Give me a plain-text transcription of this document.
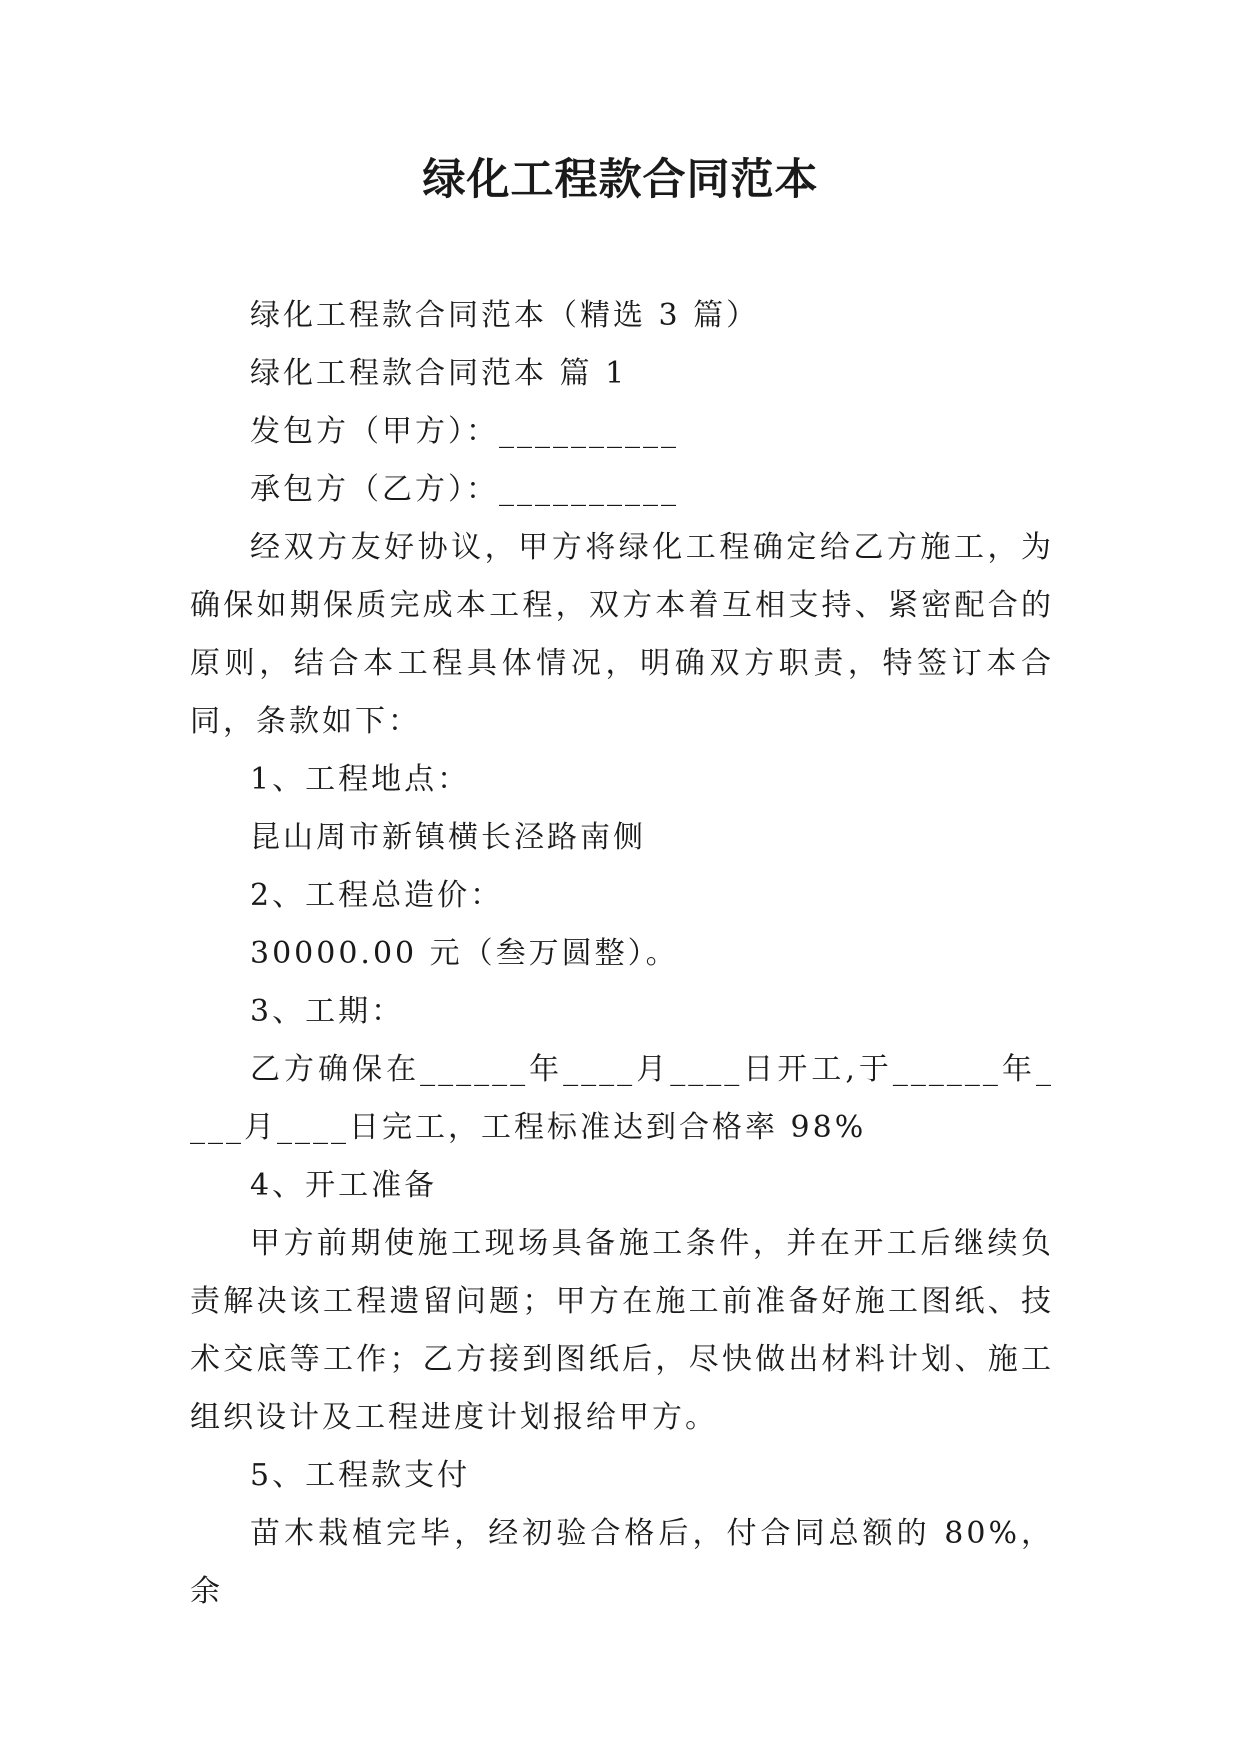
绿化工程款合同范本

绿化工程款合同范本（精选 3 篇）

绿化工程款合同范本 篇 1

发包方（甲方）：__________

承包方（乙方）：__________

经双方友好协议，甲方将绿化工程确定给乙方施工，为确保如期保质完成本工程，双方本着互相支持、紧密配合的原则，结合本工程具体情况，明确双方职责，特签订本合同，条款如下：

1、工程地点：

昆山周市新镇横长泾路南侧

2、工程总造价：

30000.00 元（叁万圆整）。

3、工期：

乙方确保在______年____月____日开工,于______年____月____日完工，工程标准达到合格率 98%

4、开工准备

甲方前期使施工现场具备施工条件，并在开工后继续负责解决该工程遗留问题；甲方在施工前准备好施工图纸、技术交底等工作；乙方接到图纸后，尽快做出材料计划、施工组织设计及工程进度计划报给甲方。

5、工程款支付

苗木栽植完毕，经初验合格后，付合同总额的 80%，余
